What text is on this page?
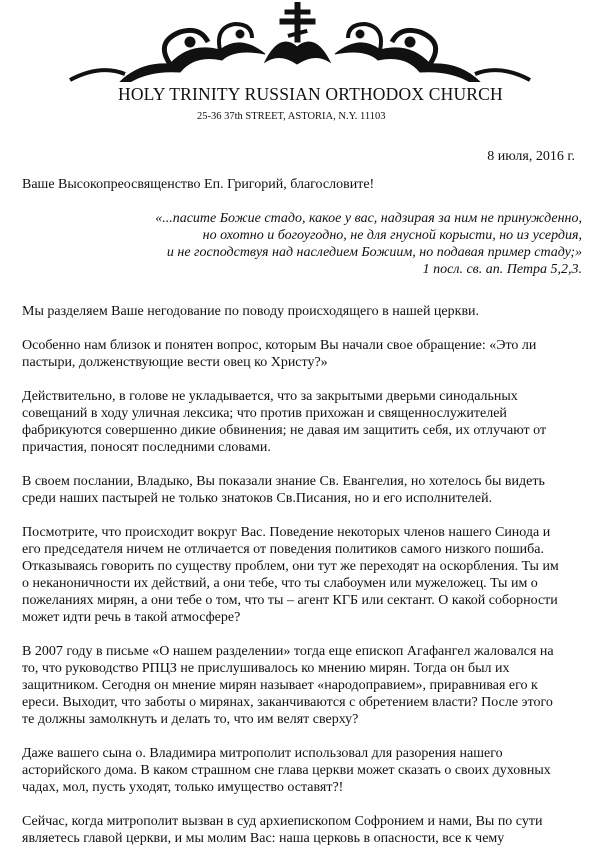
HOLY TRINITY RUSSIAN ORTHODOX CHURCH
25-36 37th STREET, ASTORIA, N.Y. 11103
8 июля, 2016 г.

Ваше Высокопреосвященство Еп. Григорий, благословите!

«...пасите Божие стадо, какое у вас, надзирая за ним не принужденно,
но охотно и богоугодно, не для гнусной корысти, но из усердия,
и не господствуя над наследием Божиим, но подавая пример стаду;»
1 посл. св. ап. Петра 5,2,3.

Мы разделяем Ваше негодование по поводу происходящего в нашей церкви.

Особенно нам близок и понятен вопрос, которым Вы начали свое обращение: «Это ли
пастыри, долженствующие вести овец ко Христу?»

Действительно, в голове не укладывается, что за закрытыми дверьми синодальных
совещаний в ходу уличная лексика; что против прихожан и священнослужителей
фабрикуются совершенно дикие обвинения; не давая им защитить себя, их отлучают от
причастия, поносят последними словами.

В своем послании, Владыко, Вы показали знание Св. Евангелия, но хотелось бы видеть
среди наших пастырей не только знатоков Св.Писания, но и его исполнителей.

Посмотрите, что происходит вокруг Вас. Поведение некоторых членов нашего Синода и
его председателя ничем не отличается от поведения политиков самого низкого пошиба.
Отказываясь говорить по существу проблем, они тут же переходят на оскорбления. Ты им
о неканоничности их действий, а они тебе, что ты слабоумен или мужеложец. Ты им о
пожеланиях мирян, а они тебе о том, что ты – агент КГБ или сектант. О какой соборности
может идти речь в такой атмосфере?

В 2007 году в письме «О нашем разделении» тогда еще епископ Агафангел жаловался на
то, что руководство РПЦЗ не прислушивалось ко мнению мирян. Тогда он был их
защитником. Сегодня он мнение мирян называет «народоправием», приравнивая его к
ереси. Выходит, что заботы о мирянах, заканчиваются с обретением власти? После этого
те должны замолкнуть и делать то, что им велят сверху?

Даже вашего сына о. Владимира митрополит использовал для разорения нашего
асторийского дома. В каком страшном сне глава церкви может сказать о своих духовных
чадах, мол, пусть уходят, только имущество оставят?!

Сейчас, когда митрополит вызван в суд архиепископом Софронием и нами, Вы по сути
являетесь главой церкви, и мы молим Вас: наша церковь в опасности, все к чему
